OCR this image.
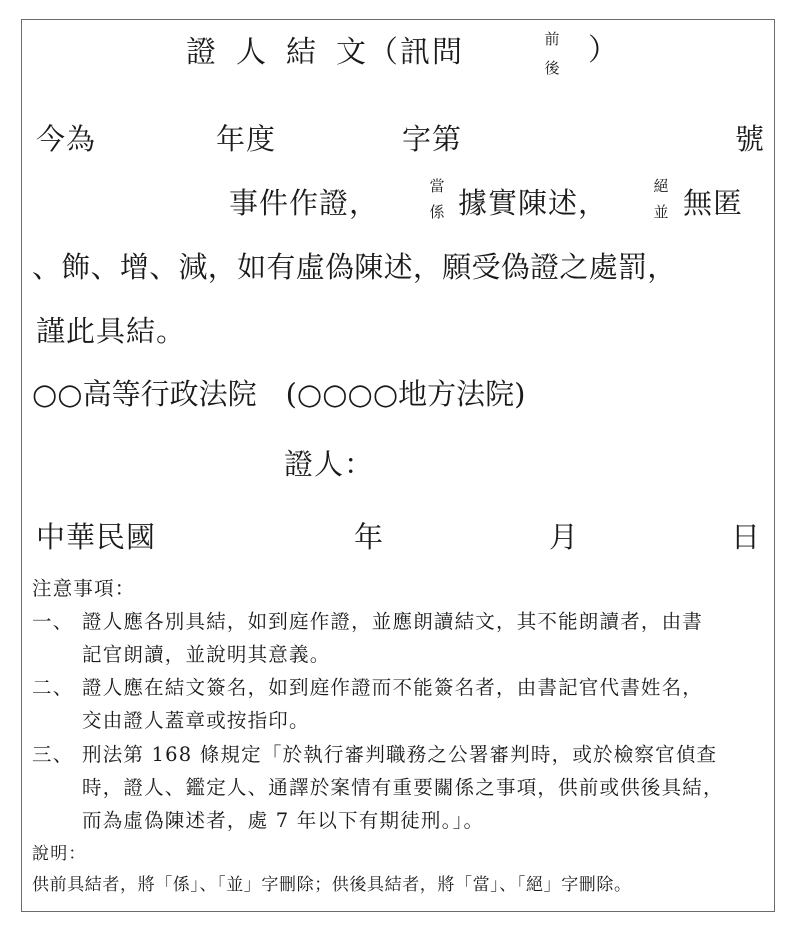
證 人 結 文（訊問	前
後 ）
今為	年度	字第	號
事件作證，	當
係 據實陳述，	絕
並 無匿
、飾、增、減，如有虛偽陳述，願受偽證之處罰，
謹此具結。
○○高等行政法院　(○○○○地方法院)
證人：
中華民國	年	月	日
注意事項：
一、 證人應各別具結，如到庭作證，並應朗讀結文，其不能朗讀者，由書
記官朗讀，並說明其意義。
二、 證人應在結文簽名，如到庭作證而不能簽名者，由書記官代書姓名，
交由證人蓋章或按指印。
三、 刑法第 168 條規定「於執行審判職務之公署審判時，或於檢察官偵查
時，證人、鑑定人、通譯於案情有重要關係之事項，供前或供後具結，
而為虛偽陳述者，處 7 年以下有期徒刑。」。
說明：
供前具結者，將「係」、「並」字刪除；供後具結者，將「當」、「絕」字刪除。
